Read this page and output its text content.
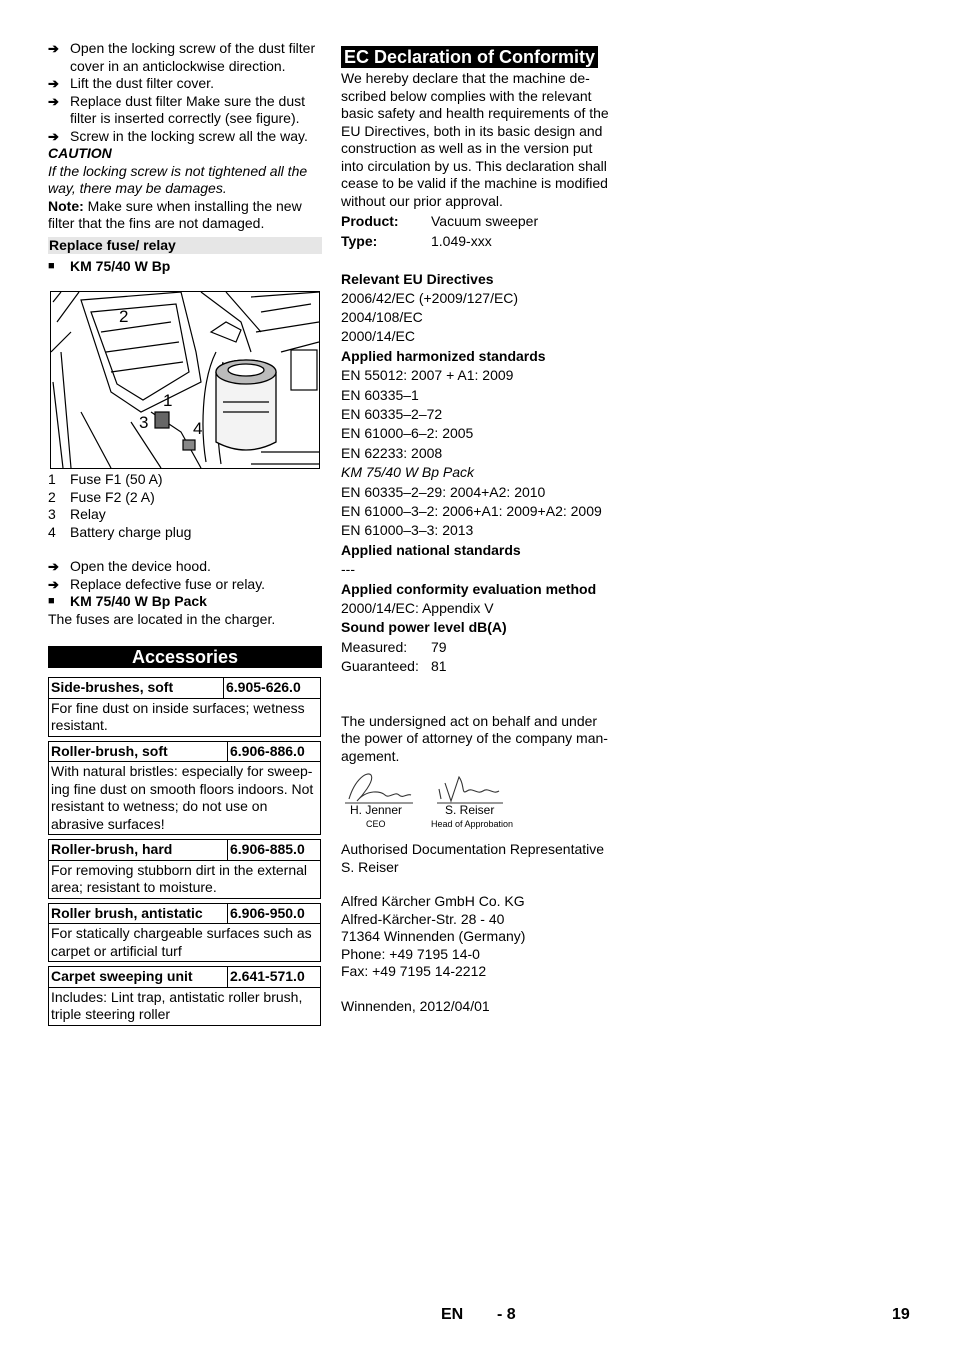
➔ Open the locking screw of the dust filter cover in an anticlockwise direction.
➔ Lift the dust filter cover.
➔ Replace dust filter Make sure the dust filter is inserted correctly (see figure).
➔ Screw in the locking screw all the way.
CAUTION
If the locking screw is not tightened all the way, there may be damages.
Note: Make sure when installing the new filter that the fins are not damaged.
Replace fuse/ relay
■	KM 75/40 W Bp
2
1
3	4
1	Fuse F1 (50 A)
2	Fuse F2 (2 A)
3	Relay
4	Battery charge plug
➔ Open the device hood.
➔ Replace defective fuse or relay.
■	KM 75/40 W Bp Pack
The fuses are located in the charger.
Accessories
Side-brushes, soft	6.905-626.0
For fine dust on inside surfaces; wetness resistant.
Roller-brush, soft	6.906-886.0
With natural bristles: especially for sweep-ing fine dust on smooth floors indoors. Not resistant to wetness; do not use on abrasive surfaces!
Roller-brush, hard	6.906-885.0
For removing stubborn dirt in the external area; resistant to moisture.
Roller brush, antistatic	6.906-950.0
For statically chargeable surfaces such as carpet or artificial turf
Carpet sweeping unit	2.641-571.0
Includes: Lint trap, antistatic roller brush, triple steering roller
EC Declaration of Conformity
We hereby declare that the machine de-scribed below complies with the relevant basic safety and health requirements of the EU Directives, both in its basic design and construction as well as in the version put into circulation by us. This declaration shall cease to be valid if the machine is modified without our prior approval.
Product:	Vacuum sweeper
Type:	1.049-xxx
Relevant EU Directives
2006/42/EC (+2009/127/EC)
2004/108/EC
2000/14/EC
Applied harmonized standards
EN 55012: 2007 + A1: 2009
EN 60335–1
EN 60335–2–72
EN 61000–6–2: 2005
EN 62233: 2008
KM 75/40 W Bp Pack
EN 60335–2–29: 2004+A2: 2010
EN 61000–3–2: 2006+A1: 2009+A2: 2009
EN 61000–3–3: 2013
Applied national standards
---
Applied conformity evaluation method
2000/14/EC: Appendix V
Sound power level dB(A)
Measured:	79
Guaranteed: 81
The undersigned act on behalf and under the power of attorney of the company man-agement.
H. Jenner
CEO
S. Reiser
Head of Approbation
Authorised Documentation Representative
S. Reiser
Alfred Kärcher GmbH Co. KG
Alfred-Kärcher-Str. 28 - 40
71364 Winnenden (Germany)
Phone: +49 7195 14-0
Fax: +49 7195 14-2212
Winnenden, 2012/04/01
EN - 8	19
